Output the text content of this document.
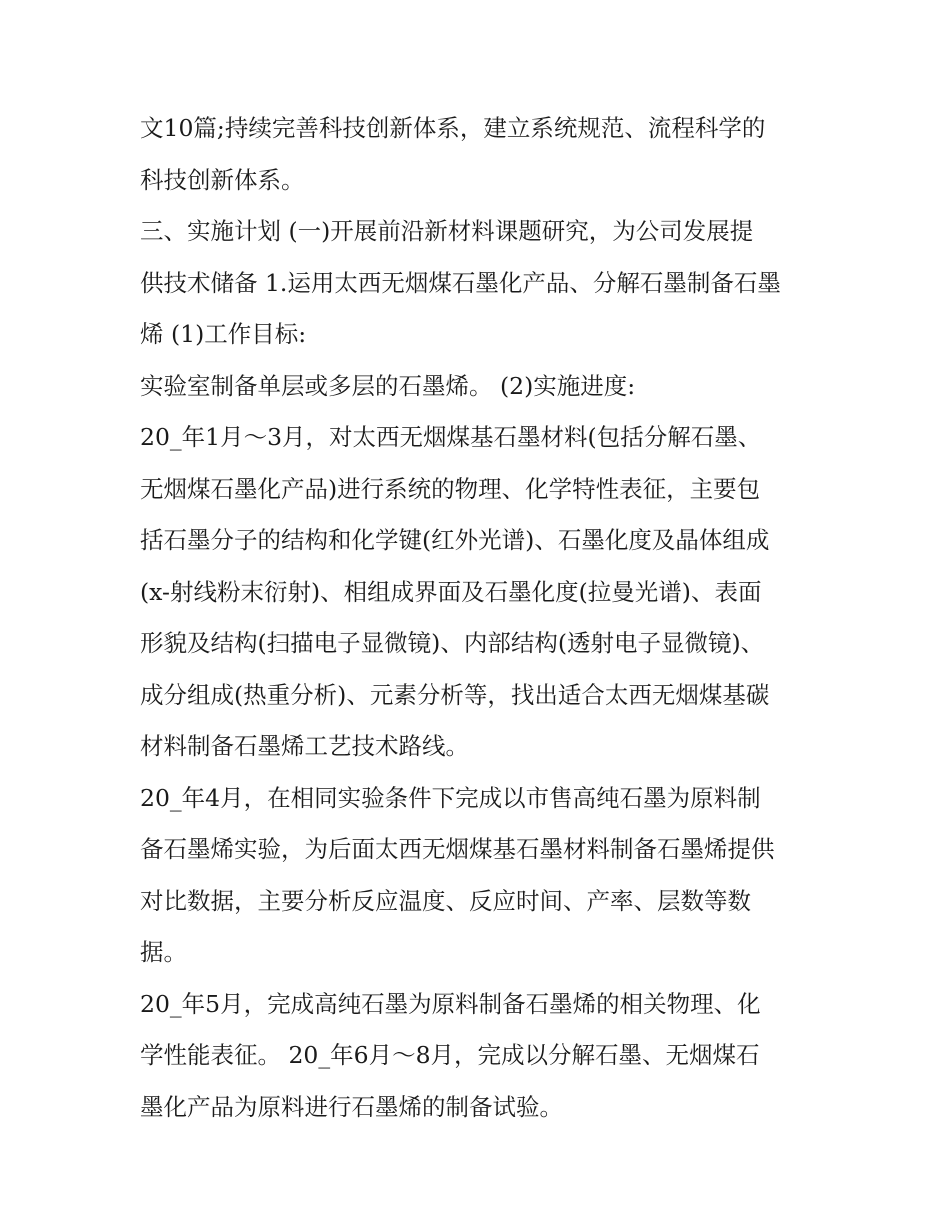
文10篇;持续完善科技创新体系，建立系统规范、流程科学的
科技创新体系。
三、实施计划 (一)开展前沿新材料课题研究，为公司发展提
供技术储备 1.运用太西无烟煤石墨化产品、分解石墨制备石墨
烯 (1)工作目标:
实验室制备单层或多层的石墨烯。 (2)实施进度:
20_年1月～3月，对太西无烟煤基石墨材料(包括分解石墨、
无烟煤石墨化产品)进行系统的物理、化学特性表征，主要包
括石墨分子的结构和化学键(红外光谱)、石墨化度及晶体组成
(x-射线粉末衍射)、相组成界面及石墨化度(拉曼光谱)、表面
形貌及结构(扫描电子显微镜)、内部结构(透射电子显微镜)、
成分组成(热重分析)、元素分析等，找出适合太西无烟煤基碳
材料制备石墨烯工艺技术路线。
20_年4月，在相同实验条件下完成以市售高纯石墨为原料制
备石墨烯实验，为后面太西无烟煤基石墨材料制备石墨烯提供
对比数据，主要分析反应温度、反应时间、产率、层数等数
据。
20_年5月，完成高纯石墨为原料制备石墨烯的相关物理、化
学性能表征。 20_年6月～8月，完成以分解石墨、无烟煤石
墨化产品为原料进行石墨烯的制备试验。
